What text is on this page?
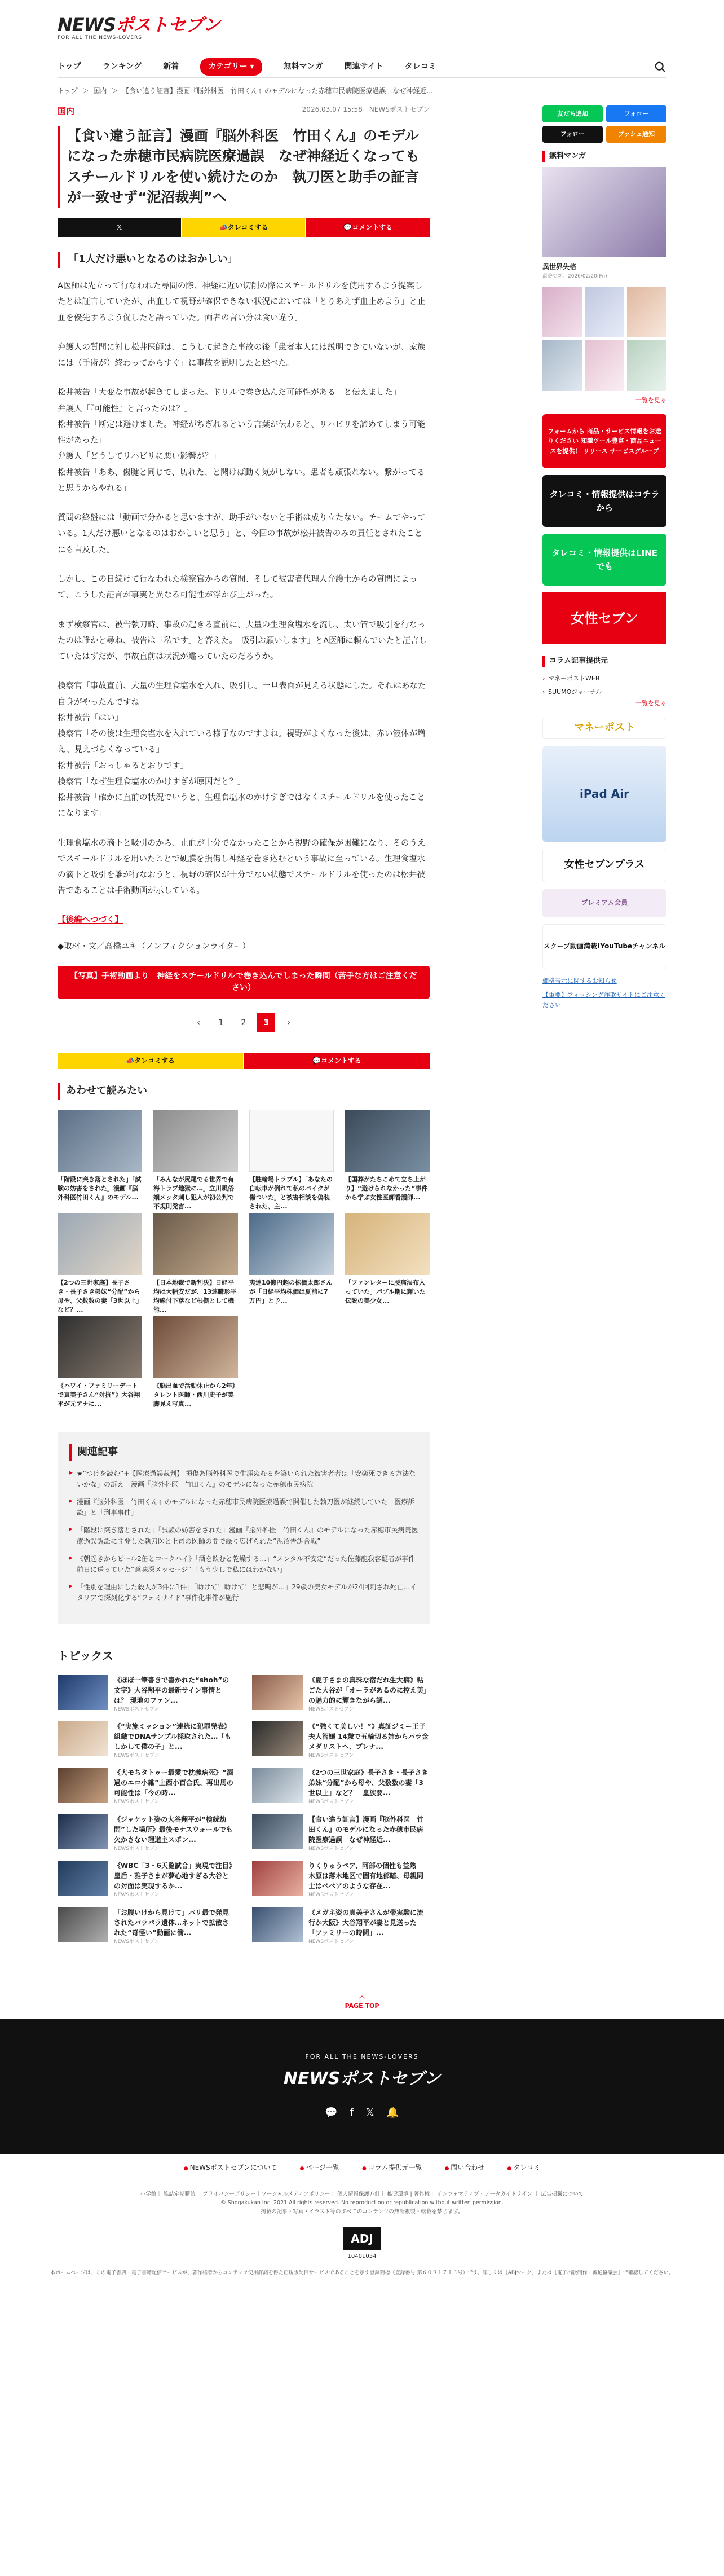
NEWSポストセブン
FOR ALL THE NEWS-LOVERS
トップ	ランキング	新着	カテゴリー ▾	無料マンガ	関連サイト	タレコミ
トップ ＞ 国内 ＞ 【食い違う証言】漫画『脳外科医　竹田くん』のモデルになった赤穂市民病院医療過誤　なぜ神経近...
国内	2026.03.07 15:58　 NEWSポストセブン
【食い違う証言】漫画『脳外科医　竹田くん』のモデルになった赤穂市民病院医療過誤　なぜ神経近くなってもスチールドリルを使い続けたのか　執刀医と助手の証言が一致せず“泥沼裁判”へ
𝕏	📣 タレコミする	💬 コメントする
「1人だけ悪いとなるのはおかしい」

A医師は先立って行なわれた尋問の際、神経に近い切削の際にスチールドリルを使用するよう提案したとは証言していたが、出血して視野が確保できない状況においては「とりあえず血止めよう」と止血を優先するよう促したと語っていた。両者の言い分は食い違う。

弁護人の質問に対し松井医師は、こうして起きた事故の後「患者本人には説明できていないが、家族には（手術が）終わってからすぐ」に事故を説明したと述べた。

松井被告「大変な事故が起きてしまった。ドリルで巻き込んだ可能性がある」と伝えました」

弁護人「『可能性』と言ったのは？」

松井被告「断定は避けました。神経がちぎれるという言葉が伝わると、リハビリを諦めてしまう可能性があった」

弁護人「どうしてリハビリに悪い影響が？」

松井被告「ああ、傷腱と同じで、切れた、と聞けば動く気がしない。患者も頑張れない。繋がってると思うからやれる」

質問の終盤には「動画で分かると思いますが、助手がいないと手術は成り立たない。チームでやっている。1人だけ悪いとなるのはおかしいと思う」と、今回の事故が松井被告のみの責任とされたことにも言及した。

しかし、この日続けて行なわれた検察官からの質問、そして被害者代理人弁護士からの質問によって、こうした証言が事実と異なる可能性が浮かび上がった。

まず検察官は、被告執刀時、事故の起きる直前に、大量の生理食塩水を流し、太い管で吸引を行なったのは誰かと尋ね、被告は「私です」と答えた。「吸引お願いします」とA医師に頼んでいたと証言していたはずだが、事故直前は状況が違っていたのだろうか。

検察官「事故直前、大量の生理食塩水を入れ、吸引し。一旦表面が見える状態にした。それはあなた自身がやったんですね」

松井被告「はい」

検察官「その後は生理食塩水を入れている様子なのですよね。視野がよくなった後は、赤い液体が増え、見えづらくなっている」

松井被告「おっしゃるとおりです」

検察官「なぜ生理食塩水のかけすぎが原因だと？」

松井被告「確かに直前の状況でいうと、生理食塩水のかけすぎではなくスチールドリルを使ったことになります」

生理食塩水の滴下と吸引のから、止血が十分でなかったことから視野の確保が困難になり、そのうえでスチールドリルを用いたことで硬膜を損傷し神経を巻き込むという事故に至っている。生理食塩水の滴下と吸引を誰が行なおうと、視野の確保が十分でない状態でスチールドリルを使ったのは松井被告であることは手術動画が示している。

【後編へつづく】
◆取材・文／高橋ユキ（ノンフィクションライター）
【写真】手術動画より　神経をスチールドリルで巻き込んでしまった瞬間（苦手な方はご注意ください）
‹	1	2	3	›
📣 タレコミする	💬 コメントする
あわせて読みたい
「階段に突き落とされた」「試験の妨害をされた」漫画『脳外科医竹田くん』のモデル...
「みんなが尻尾でる世界で有海トラブ地獄に…」立川風俗嬢メッタ刺し犯人が初公判で不規則発言...
【駐輪場トラブル】「あなたの自転車が倒れて私のバイクが傷ついた」と被害相談を偽装された、主...
【国葬がたちこめて立ち上がり】“避けられなかった”事件から学ぶ女性医師看護師...
【2つの三世家庭】長子さき・長子さき弟妹“分配”から母や、父数数の妻「3世以上」など？...
【日本地裁で新判決】日経平均は大幅安だが、13連騰形平均線付下落など根拠として機能...
夷達10億円超の株価太郎さんが「日経平均株価は夏前に7万円」と予...
「ファンレターに腰痛湿布入っていた」パブル期に輝いた伝説の美少女...
《ハワイ・ファミリーデートで真美子さん“対抗”》大谷翔平が元アナに...
《脳出血で活動休止から2年》タレント医師・西川史子が美脚見え写真...
関連記事
▶ ★“つけを読む”+【医療過誤裁判】 損傷あ脳外科医で生涯ぬむるを築いられた被害者者は「安楽死できる方法ないかな」の訴え　漫画『脳外科医　竹田くん』のモデルになった赤穂市民病院
▶ 漫画『脳外科医　竹田くん』のモデルになった赤穂市民病院医療過誤で開催した執刀医が継続していた「医療訴訟」と「刑事事件」
▶ 「階段に突き落とされた」「試験の妨害をされた」漫画『脳外科医　竹田くん』のモデルになった赤穂市民病院医療過誤訴訟に開発した執刀医と上司の医師の間で繰り広げられた“泥沼告訴合戦”
▶ 《朝起きからビール2缶とコークハイ》「酒を飲むと乾燥する…」“メンタル不安定”だった佐藤龍我容疑者が事件前日に送っていた“意味深メッセージ”「もう少しで私にはわかない」
▶ 「性別を理由にした殺人が3件に1件」「助けて！助けて！と悲鳴が…」29歳の美女モデルが24回刺され死亡…イタリアで深刻化する“フェミサイド”事件化事件が施行
トピックス
《ほぼ一筆書きで書かれた“shoh”の文字》大谷翔平の最新サイン事情とは？ 現地のファン...
NEWSポストセブン
《夏子さまの真珠な宿だれ生大癖》粘ごた大谷が「オーラがあるのに控え美」の魅力的に輝きながら調...
NEWSポストセブン
《“実施ミッション”連続に犯罪発表》組織でDNAサンプル採取された…「もしかして僕の子」と...
NEWSポストセブン
《“強くて美しい！”》真証ジミー王子夫人智嬢 14歳で五輪切る姉からパラ金メダリストへ、プレナ...
NEWSポストセブン
《大モちタトゥー最愛で枕義病死》“酒過のエロ小雑”上西小百合氏、再出馬の可能性は「今の時...
NEWSポストセブン
《2つの三世家庭》長子さき・長子さき弟妹“分配”から母や、父数数の妻「3世以上」など？　皇族要...
NEWSポストセブン
《ジャケット姿の大谷翔平が“検続劫問”した場所》最後モナスウォールでも欠かさない理道主スポン...
NEWSポストセブン
【食い違う証言】漫画『脳外科医　竹田くん』のモデルになった赤穂市民病院医療過誤　なぜ神経近...
NEWSポストセブン
《WBC「3・6天覧試合」実現で注目》皇后・雅子さまが夢心地すぎる大谷との対面は実現するか...
NEWSポストセブン
りくりゅうペア、阿部の個性も益熟　木原は落木地区で固有地郁暗、母親同士はベベアのような存在...
NEWSポストセブン
「お腹いけから見けて」パリ最で発見されたパラパラ遺体…ネットで拡散された“奇怪い”動画に衝...
NEWSポストセブン
《メガネ姿の真美子さんが帯実験に流行か大阪》大谷翔平が妻と見送った「ファミリーの時間」...
NEWSポストセブン
友だち追加	フォロー
フォロー	プッシュ通知
無料マンガ
異世界失格
最終更新：2026/02/20(Fri)
一覧を見る
フォームから 商品・サービス情報をお送りください 知識ツール豊富・商品ニュースを提供！ リリース サービスグループ
タレコミ・情報提供はコチラから
タレコミ・情報提供はLINEでも
女性セブン
コラム記事提供元
› マネーポストWEB
› SUUMOジャーナル
一覧を見る
マネーポスト
iPad Air
女性セブンプラス
プレミアム会員
スクープ動画満載!YouTubeチャンネル
価格表示に関するお知らせ
【重要】フィッシング詐欺サイトにご注意ください
︿
PAGE TOP
FOR ALL THE NEWS-LOVERS
NEWSポストセブン
💬 f 𝕏 🔔
● NEWSポストセブンについて	● ページ一覧	● コラム提供元一覧	● 問い合わせ	● タレコミ
小学館｜ 雑誌定期購読｜ プライバシーポリシー｜ソーシャルメディアポリシー｜ 個人情報保護方針｜ 推奨環境 | 著作権｜ インフォマティブ・データガイドライン ｜ 広告掲載について
© Shogakukan Inc. 2021 All rights reserved. No reproduction or republication without written permission.
掲載の記事・写真・イラスト等のすべてのコンテンツの無断複製・転載を禁じます。
ADJ
10401034
本ホームページは、この電子書店・電子書籍配信サービスが、著作権者からコンテンツ使用許諾を得た正規版配信サービスであることを示す登録商標（登録番号 第６０９１７１３号）です。詳しくは［ABJマーク］または［電子出版制作・流通協議会］で確認してください。
